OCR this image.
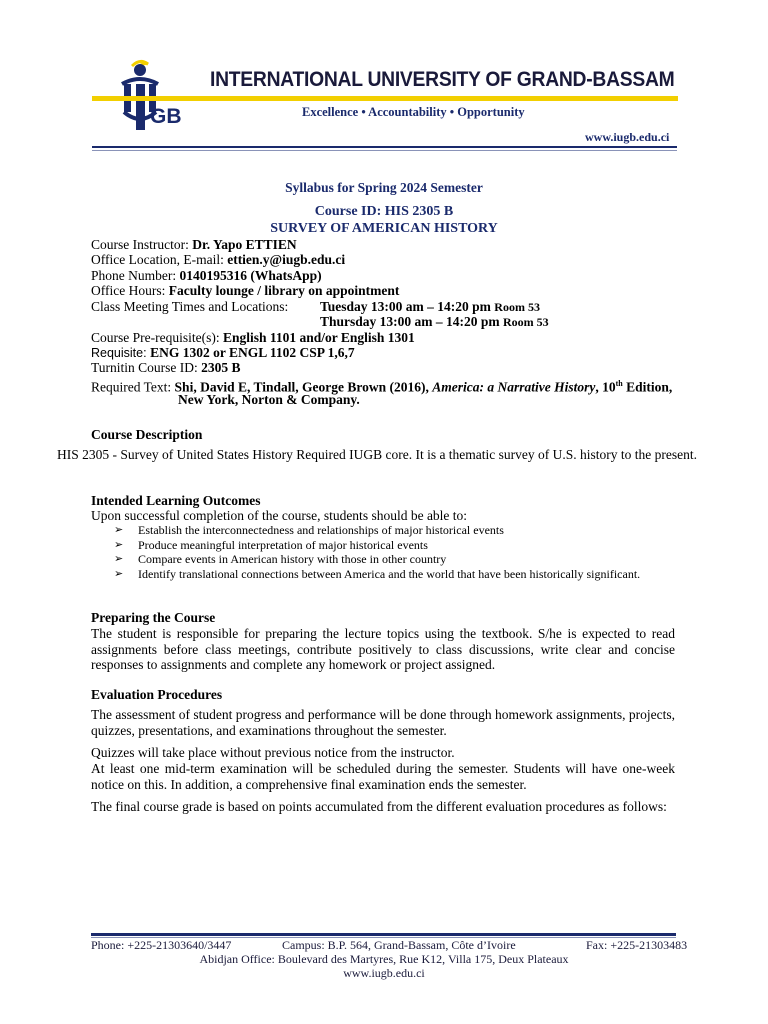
GB
INTERNATIONAL UNIVERSITY OF GRAND-BASSAM
Excellence • Accountability • Opportunity
www.iugb.edu.ci
Syllabus for Spring 2024 Semester
Course ID: HIS 2305 B
SURVEY OF AMERICAN HISTORY
Course Instructor: Dr. Yapo ETTIEN
Office Location, E-mail: ettien.y@iugb.edu.ci
Phone Number: 0140195316 (WhatsApp)
Office Hours: Faculty lounge / library on appointment
Class Meeting Times and Locations: Tuesday 13:00 am – 14:20 pm Room 53
Thursday 13:00 am – 14:20 pm Room 53
Course Pre-requisite(s): English 1101 and/or English 1301
Requisite: ENG 1302 or ENGL 1102 CSP 1,6,7
Turnitin Course ID: 2305 B
Required Text: Shi, David E, Tindall, George Brown (2016), America: a Narrative History, 10th Edition,
New York, Norton & Company.
Course Description
HIS 2305 - Survey of United States History Required IUGB core. It is a thematic survey of U.S. history to the present.
Intended Learning Outcomes
Upon successful completion of the course, students should be able to:
➢ Establish the interconnectedness and relationships of major historical events
➢ Produce meaningful interpretation of major historical events
➢ Compare events in American history with those in other country
➢ Identify translational connections between America and the world that have been historically significant.
Preparing the Course
The student is responsible for preparing the lecture topics using the textbook. S/he is expected to read assignments before class meetings, contribute positively to class discussions, write clear and concise responses to assignments and complete any homework or project assigned.
Evaluation Procedures
The assessment of student progress and performance will be done through homework assignments, projects, quizzes, presentations, and examinations throughout the semester.
Quizzes will take place without previous notice from the instructor.
At least one mid-term examination will be scheduled during the semester. Students will have one-week notice on this. In addition, a comprehensive final examination ends the semester.
The final course grade is based on points accumulated from the different evaluation procedures as follows:
Phone: +225-21303640/3447	Campus: B.P. 564, Grand-Bassam, Côte d’Ivoire	Fax: +225-21303483
Abidjan Office: Boulevard des Martyres, Rue K12, Villa 175, Deux Plateaux
www.iugb.edu.ci
